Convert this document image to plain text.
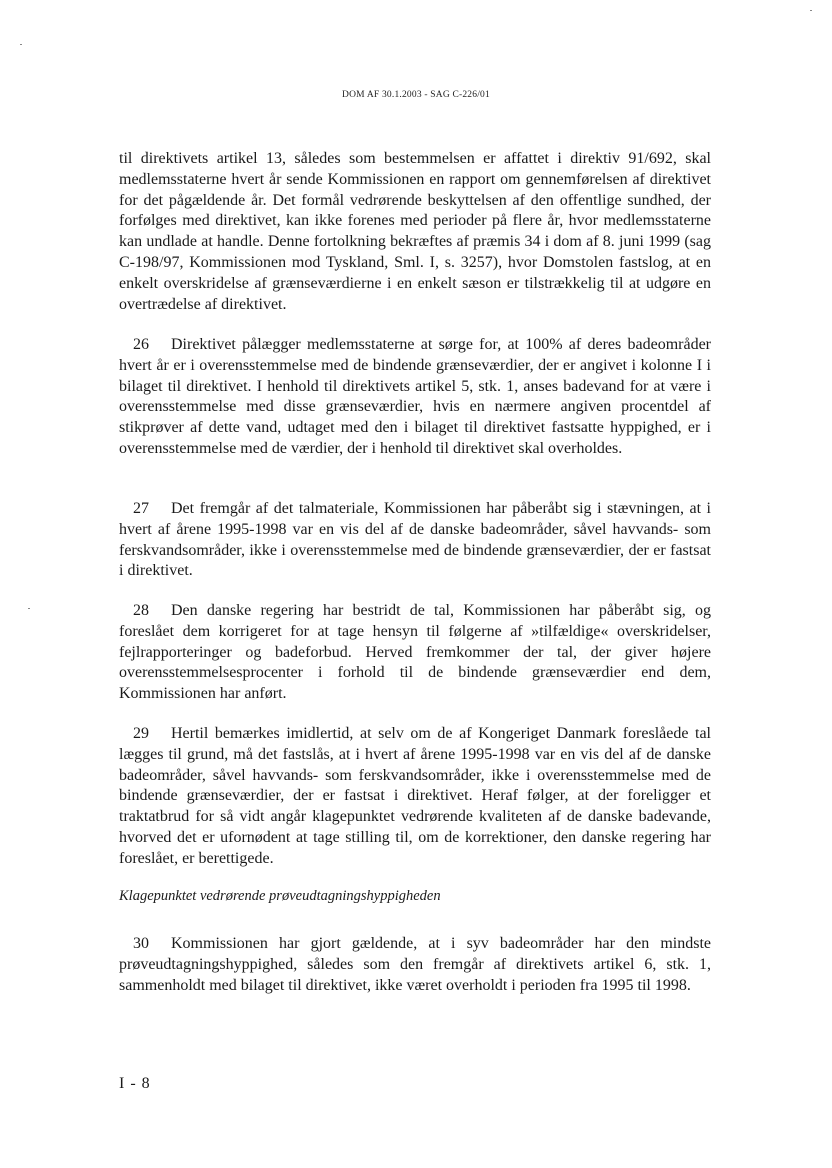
DOM AF 30.1.2003 - SAG C-226/01

til direktivets artikel 13, således som bestemmelsen er affattet i direktiv 91/692, skal medlemsstaterne hvert år sende Kommissionen en rapport om gennemførelsen af direktivet for det pågældende år. Det formål vedrørende beskyttelsen af den offentlige sundhed, der forfølges med direktivet, kan ikke forenes med perioder på flere år, hvor medlemsstaterne kan undlade at handle. Denne fortolkning bekræftes af præmis 34 i dom af 8. juni 1999 (sag C-198/97, Kommissionen mod Tyskland, Sml. I, s. 3257), hvor Domstolen fastslog, at en enkelt overskridelse af grænseværdierne i en enkelt sæson er tilstrækkelig til at udgøre en overtrædelse af direktivet.

26 Direktivet pålægger medlemsstaterne at sørge for, at 100% af deres badeområder hvert år er i overensstemmelse med de bindende grænseværdier, der er angivet i kolonne I i bilaget til direktivet. I henhold til direktivets artikel 5, stk. 1, anses badevand for at være i overensstemmelse med disse grænseværdier, hvis en nærmere angiven procentdel af stikprøver af dette vand, udtaget med den i bilaget til direktivet fastsatte hyppighed, er i overensstemmelse med de værdier, der i henhold til direktivet skal overholdes.

27 Det fremgår af det talmateriale, Kommissionen har påberåbt sig i stævningen, at i hvert af årene 1995-1998 var en vis del af de danske badeområder, såvel havvands- som ferskvandsområder, ikke i overensstemmelse med de bindende grænseværdier, der er fastsat i direktivet.

28 Den danske regering har bestridt de tal, Kommissionen har påberåbt sig, og foreslået dem korrigeret for at tage hensyn til følgerne af »tilfældige« overskridelser, fejlrapporteringer og badeforbud. Herved fremkommer der tal, der giver højere overensstemmelsesprocenter i forhold til de bindende grænseværdier end dem, Kommissionen har anført.

29 Hertil bemærkes imidlertid, at selv om de af Kongeriget Danmark foreslåede tal lægges til grund, må det fastslås, at i hvert af årene 1995-1998 var en vis del af de danske badeområder, såvel havvands- som ferskvandsområder, ikke i overensstemmelse med de bindende grænseværdier, der er fastsat i direktivet. Heraf følger, at der foreligger et traktatbrud for så vidt angår klagepunktet vedrørende kvaliteten af de danske badevande, hvorved det er ufornødent at tage stilling til, om de korrektioner, den danske regering har foreslået, er berettigede.

Klagepunktet vedrørende prøveudtagningshyppigheden

30 Kommissionen har gjort gældende, at i syv badeområder har den mindste prøveudtagningshyppighed, således som den fremgår af direktivets artikel 6, stk. 1, sammenholdt med bilaget til direktivet, ikke været overholdt i perioden fra 1995 til 1998.

I - 8
